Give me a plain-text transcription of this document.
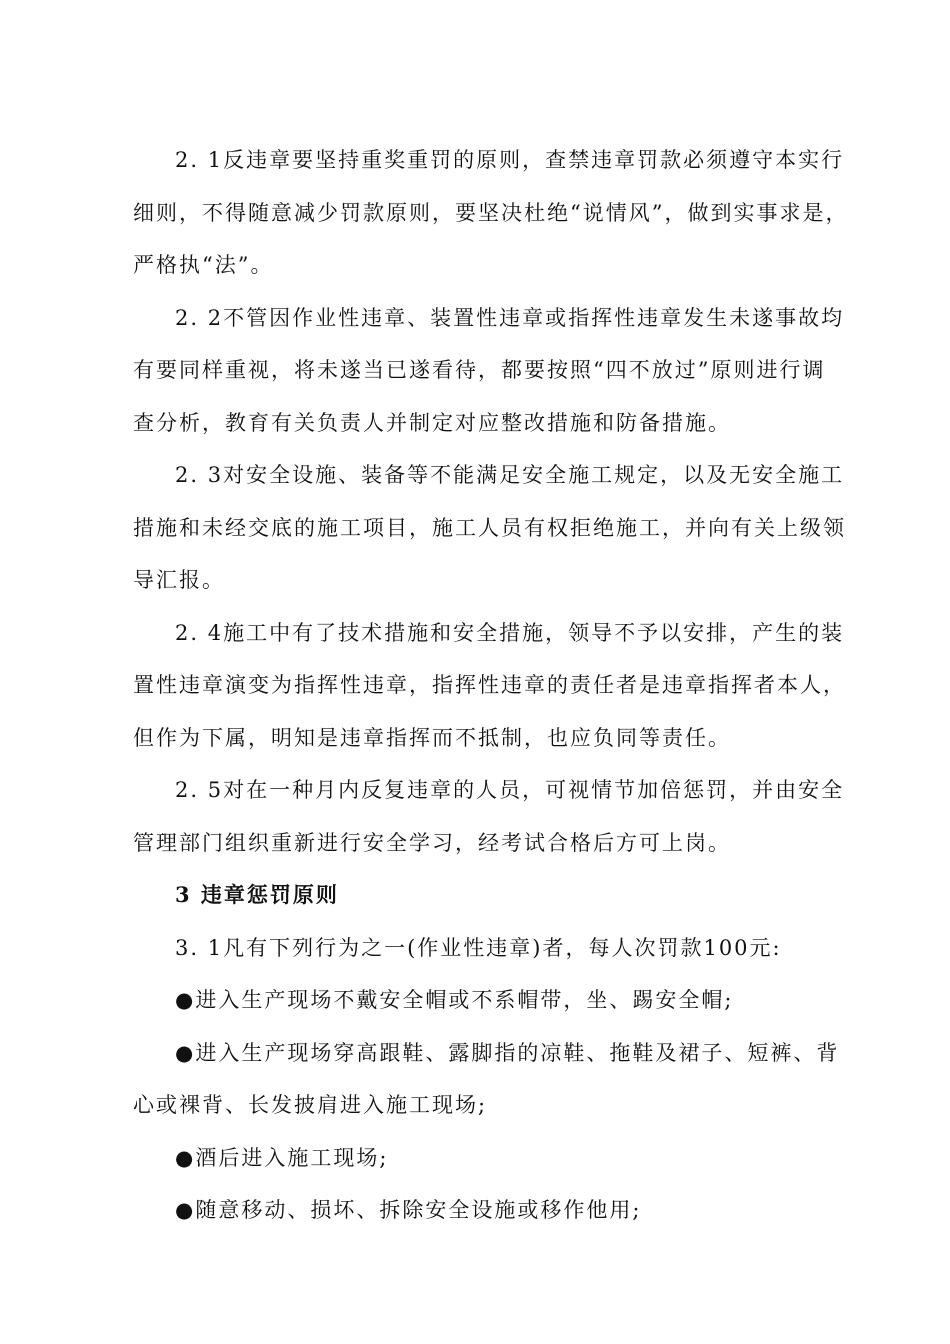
2. 1反违章要坚持重奖重罚的原则，查禁违章罚款必须遵守本实行
细则，不得随意减少罚款原则，要坚决杜绝“说情风”，做到实事求是，
严格执“法”。
2. 2不管因作业性违章、装置性违章或指挥性违章发生未遂事故均
有要同样重视，将未遂当已遂看待，都要按照“四不放过”原则进行调
查分析，教育有关负责人并制定对应整改措施和防备措施。
2. 3对安全设施、装备等不能满足安全施工规定，以及无安全施工
措施和未经交底的施工项目，施工人员有权拒绝施工，并向有关上级领
导汇报。
2. 4施工中有了技术措施和安全措施，领导不予以安排，产生的装
置性违章演变为指挥性违章，指挥性违章的责任者是违章指挥者本人，
但作为下属，明知是违章指挥而不抵制，也应负同等责任。
2. 5对在一种月内反复违章的人员，可视情节加倍惩罚，并由安全
管理部门组织重新进行安全学习，经考试合格后方可上岗。
3 违章惩罚原则
3. 1凡有下列行为之一(作业性违章)者，每人次罚款100元:
●进入生产现场不戴安全帽或不系帽带，坐、踢安全帽;
●进入生产现场穿高跟鞋、露脚指的凉鞋、拖鞋及裙子、短裤、背
心或裸背、长发披肩进入施工现场;
●酒后进入施工现场;
●随意移动、损坏、拆除安全设施或移作他用;
